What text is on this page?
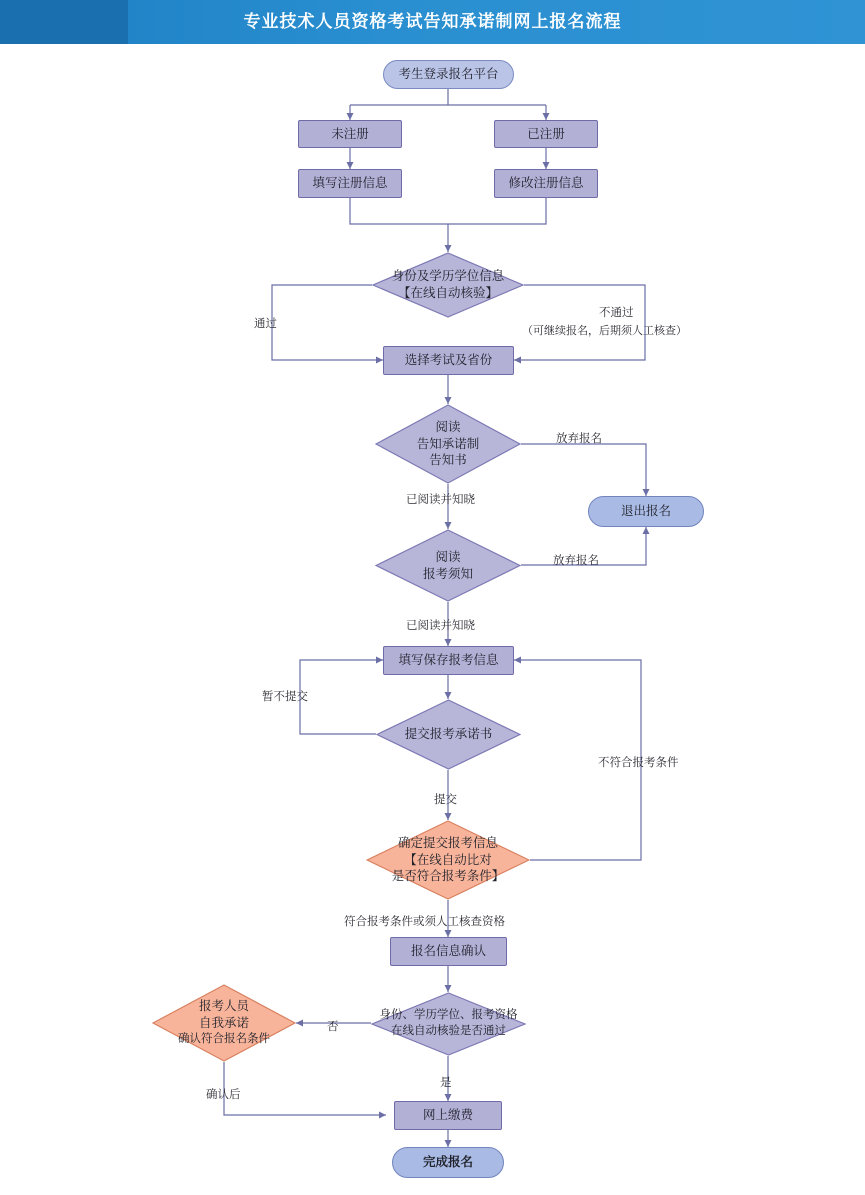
专业技术人员资格考试告知承诺制网上报名流程
考生登录报名平台
未注册	已注册
填写注册信息	修改注册信息
身份及学历学位信息
【在线自动核验】
选择考试及省份
阅读
告知承诺制
告知书
退出报名
阅读
报考须知
填写保存报考信息
提交报考承诺书
确定提交报考信息
【在线自动比对
是否符合报考条件】
报名信息确认
身份、学历学位、报考资格
在线自动核验是否通过
报考人员
自我承诺
确认符合报名条件
网上缴费
完成报名
通过
不通过
（可继续报名，后期须人工核查）
放弃报名
放弃报名
已阅读并知晓
已阅读并知晓
暂不提交
提交
不符合报考条件
符合报考条件或须人工核查资格
否
是
确认后
